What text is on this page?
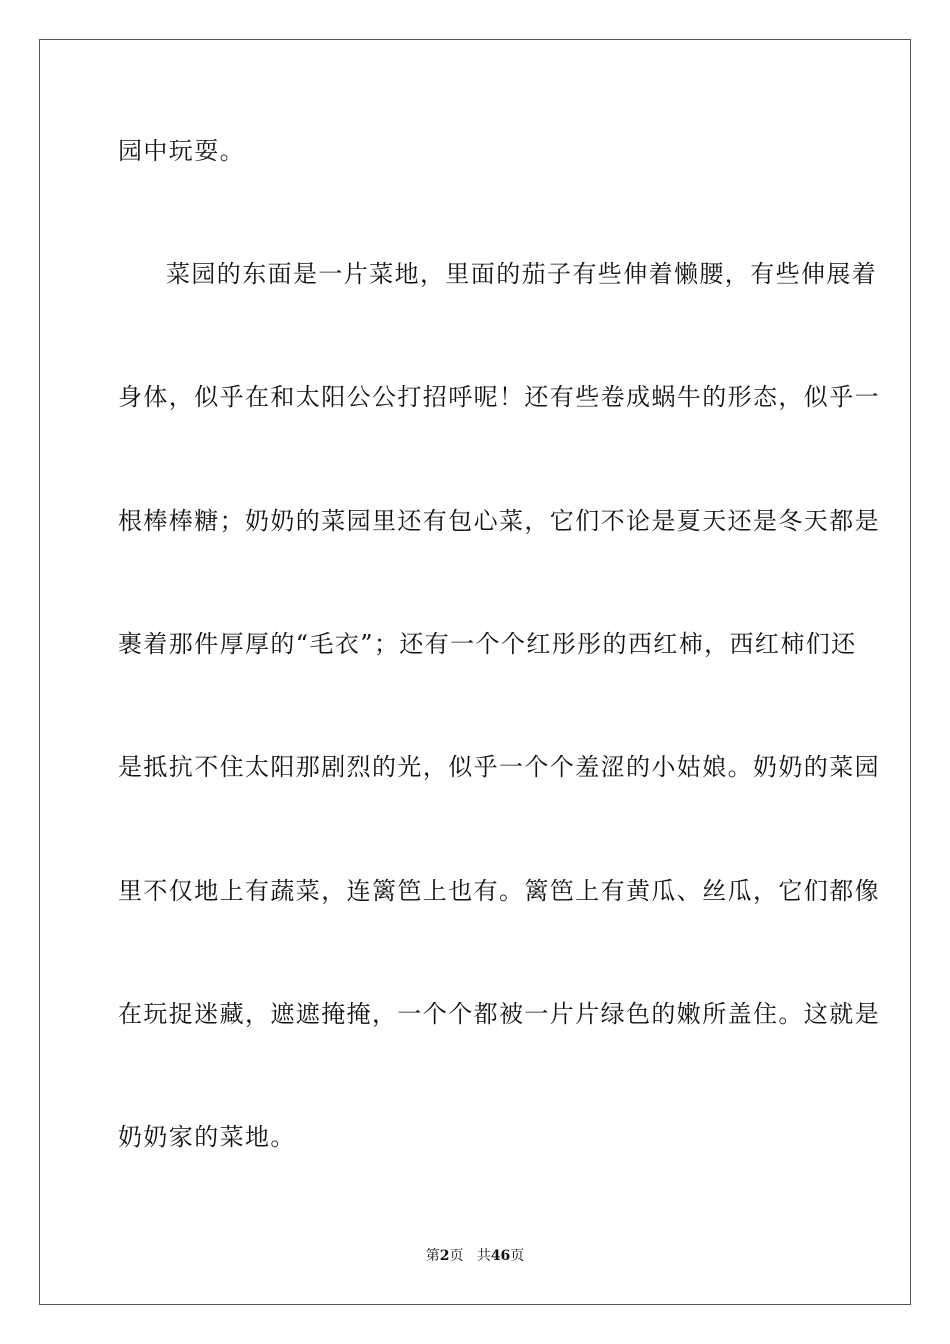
园中玩耍。
菜园的东面是一片菜地，里面的茄子有些伸着懒腰，有些伸展着
身体，似乎在和太阳公公打招呼呢！还有些卷成蜗牛的形态，似乎一
根棒棒糖；奶奶的菜园里还有包心菜，它们不论是夏天还是冬天都是
裹着那件厚厚的“毛衣”；还有一个个红彤彤的西红柿，西红柿们还
是抵抗不住太阳那剧烈的光，似乎一个个羞涩的小姑娘。奶奶的菜园
里不仅地上有蔬菜，连篱笆上也有。篱笆上有黄瓜、丝瓜，它们都像
在玩捉迷藏，遮遮掩掩，一个个都被一片片绿色的嫩所盖住。这就是
奶奶家的菜地。
第2页 共46页
